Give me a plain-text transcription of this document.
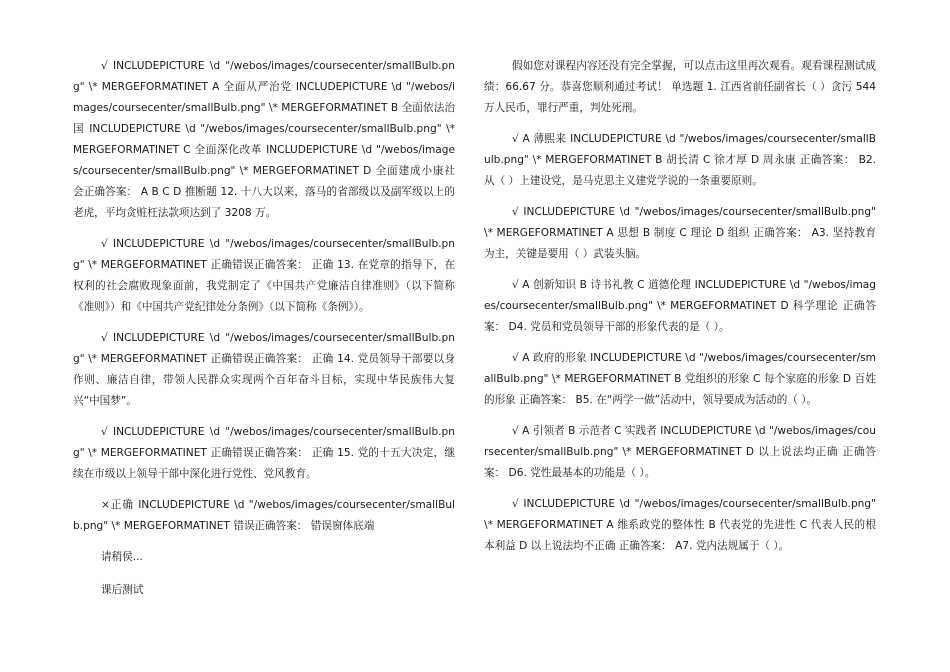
√ INCLUDEPICTURE \d "/webos/images/coursecenter/smallBulb.png" \* MERGEFORMATINET A 全面从严治党 INCLUDEPICTURE \d "/webos/images/coursecenter/smallBulb.png" \* MERGEFORMATINET B 全面依法治国 INCLUDEPICTURE \d "/webos/images/coursecenter/smallBulb.png" \* MERGEFORMATINET C 全面深化改革 INCLUDEPICTURE \d "/webos/images/coursecenter/smallBulb.png" \* MERGEFORMATINET D 全面建成小康社会正确答案： A B C D 推断题 12. 十八大以来，落马的省部级以及副军级以上的老虎，平均贪赃枉法款项达到了 3208 万。

√ INCLUDEPICTURE \d "/webos/images/coursecenter/smallBulb.png" \* MERGEFORMATINET 正确错误正确答案： 正确 13. 在党章的指导下，在权利的社会腐败现象面前，我党制定了《中国共产党廉洁自律准则》（以下简称《准则》）和《中国共产党纪律处分条例》（以下简称《条例》）。

√ INCLUDEPICTURE \d "/webos/images/coursecenter/smallBulb.png" \* MERGEFORMATINET 正确错误正确答案： 正确 14. 党员领导干部要以身作则、廉洁自律，带领人民群众实现两个百年奋斗目标，实现中华民族伟大复兴“中国梦”。

√ INCLUDEPICTURE \d "/webos/images/coursecenter/smallBulb.png" \* MERGEFORMATINET 正确错误正确答案： 正确 15. 党的十五大决定，继续在市级以上领导干部中深化进行党性、党风教育。

×正确 INCLUDEPICTURE \d "/webos/images/coursecenter/smallBulb.png" \* MERGEFORMATINET 错误正确答案： 错误窗体底端

请稍侯...

课后测试

假如您对课程内容还没有完全掌握，可以点击这里再次观看。观看课程测试成绩：66.67 分。恭喜您顺利通过考试！ 单选题 1. 江西省前任副省长（ ）贪污 544 万人民币，罪行严重，判处死刑。

√ A 薄熙来 INCLUDEPICTURE \d "/webos/images/coursecenter/smallBulb.png" \* MERGEFORMATINET B 胡长清 C 徐才厚 D 周永康 正确答案： B2. 从（ ）上建设党，是马克思主义建党学说的一条重要原则。

√ INCLUDEPICTURE \d "/webos/images/coursecenter/smallBulb.png" \* MERGEFORMATINET A 思想 B 制度 C 理论 D 组织 正确答案： A3. 坚持教育为主，关键是要用（ ）武装头脑。

√ A 创新知识 B 诗书礼教 C 道德伦理 INCLUDEPICTURE \d "/webos/images/coursecenter/smallBulb.png" \* MERGEFORMATINET D 科学理论 正确答案： D4. 党员和党员领导干部的形象代表的是（ ）。

√ A 政府的形象 INCLUDEPICTURE \d "/webos/images/coursecenter/smallBulb.png" \* MERGEFORMATINET B 党组织的形象 C 每个家庭的形象 D 百姓的形象 正确答案： B5. 在“两学一做”活动中，领导要成为活动的（ ）。

√ A 引领者 B 示范者 C 实践者 INCLUDEPICTURE \d "/webos/images/coursecenter/smallBulb.png" \* MERGEFORMATINET D 以上说法均正确 正确答案： D6. 党性最基本的功能是（ ）。

√ INCLUDEPICTURE \d "/webos/images/coursecenter/smallBulb.png" \* MERGEFORMATINET A 维系政党的整体性 B 代表党的先进性 C 代表人民的根本利益 D 以上说法均不正确 正确答案： A7. 党内法规属于（ ）。
